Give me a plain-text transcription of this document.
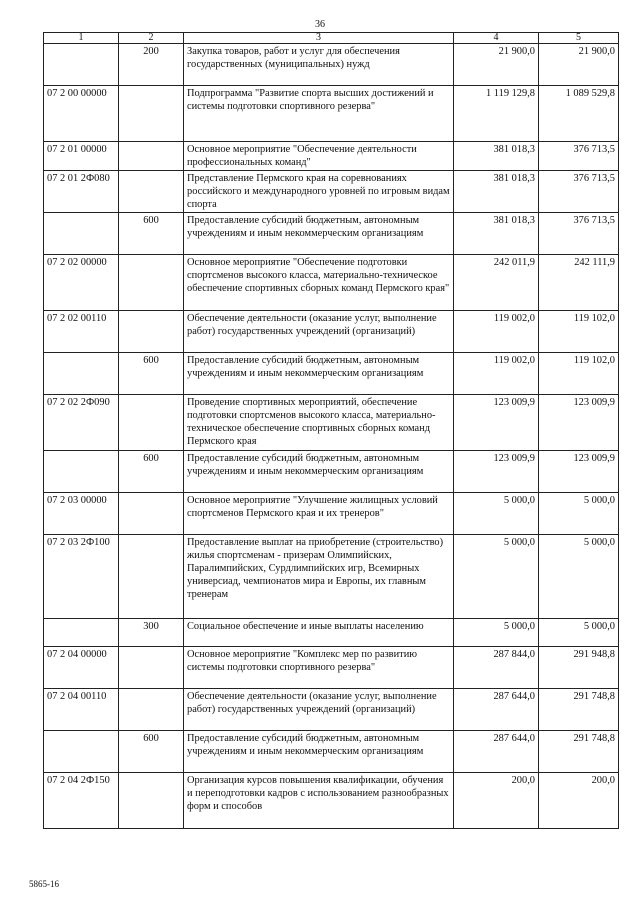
36
1	2	3	4	5
	200	Закупка товаров, работ и услуг для обеспечения государственных (муниципальных) нужд	21 900,0	21 900,0
07 2 00 00000		Подпрограмма "Развитие спорта высших достижений и системы подготовки спортивного резерва"	1 119 129,8	1 089 529,8
07 2 01 00000		Основное мероприятие "Обеспечение деятельности профессиональных команд"	381 018,3	376 713,5
07 2 01 2Ф080		Представление Пермского края на соревнованиях российского и международного уровней по игровым видам спорта	381 018,3	376 713,5
	600	Предоставление субсидий бюджетным, автономным учреждениям и иным некоммерческим организациям	381 018,3	376 713,5
07 2 02 00000		Основное мероприятие "Обеспечение подготовки спортсменов высокого класса, материально-техническое обеспечение спортивных сборных команд Пермского края"	242 011,9	242 111,9
07 2 02 00110		Обеспечение деятельности (оказание услуг, выполнение работ) государственных учреждений (организаций)	119 002,0	119 102,0
	600	Предоставление субсидий бюджетным, автономным учреждениям и иным некоммерческим организациям	119 002,0	119 102,0
07 2 02 2Ф090		Проведение спортивных мероприятий, обеспечение подготовки спортсменов высокого класса, материально-техническое обеспечение спортивных сборных команд Пермского края	123 009,9	123 009,9
	600	Предоставление субсидий бюджетным, автономным учреждениям и иным некоммерческим организациям	123 009,9	123 009,9
07 2 03 00000		Основное мероприятие "Улучшение жилищных условий спортсменов Пермского края и их тренеров"	5 000,0	5 000,0
07 2 03 2Ф100		Предоставление выплат на приобретение (строительство) жилья спортсменам - призерам Олимпийских, Паралимпийских, Сурдлимпийских игр, Всемирных универсиад, чемпионатов мира и Европы, их главным тренерам	5 000,0	5 000,0
	300	Социальное обеспечение и иные выплаты населению	5 000,0	5 000,0
07 2 04 00000		Основное мероприятие "Комплекс мер по развитию системы подготовки спортивного резерва"	287 844,0	291 948,8
07 2 04 00110		Обеспечение деятельности (оказание услуг, выполнение работ) государственных учреждений (организаций)	287 644,0	291 748,8
	600	Предоставление субсидий бюджетным, автономным учреждениям и иным некоммерческим организациям	287 644,0	291 748,8
07 2 04 2Ф150		Организация курсов повышения квалификации, обучения и переподготовки кадров с использованием разнообразных форм и способов	200,0	200,0
5865-16
